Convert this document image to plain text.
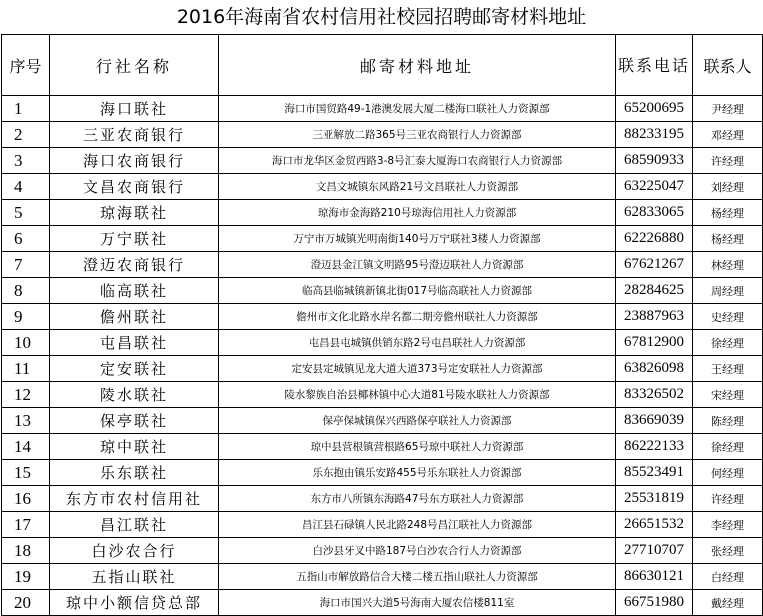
2016年海南省农村信用社校园招聘邮寄材料地址
序号	行社名称	邮寄材料地址	联系电话	联系人
1	海口联社	海口市国贸路49-1港澳发展大厦二楼海口联社人力资源部	65200695	尹经理
2	三亚农商银行	三亚解放二路365号三亚农商银行人力资源部	88233195	邓经理
3	海口农商银行	海口市龙华区金贸西路3-8号汇泰大厦海口农商银行人力资源部	68590933	许经理
4	文昌农商银行	文昌文城镇东风路21号文昌联社人力资源部	63225047	刘经理
5	琼海联社	琼海市金海路210号琼海信用社人力资源部	62833065	杨经理
6	万宁联社	万宁市万城镇光明南街140号万宁联社3楼人力资源部	62226880	杨经理
7	澄迈农商银行	澄迈县金江镇文明路95号澄迈联社人力资源部	67621267	林经理
8	临高联社	临高县临城镇新镇北街017号临高联社人力资源部	28284625	周经理
9	儋州联社	儋州市文化北路水岸名都二期旁儋州联社人力资源部	23887963	史经理
10	屯昌联社	屯昌县屯城镇供销东路2号屯昌联社人力资源部	67812900	徐经理
11	定安联社	定安县定城镇见龙大道大道373号定安联社人力资源部	63826098	王经理
12	陵水联社	陵水黎族自治县椰林镇中心大道81号陵水联社人力资源部	83326502	宋经理
13	保亭联社	保亭保城镇保兴西路保亭联社人力资源部	83669039	陈经理
14	琼中联社	琼中县营根镇营根路65号琼中联社人力资源部	86222133	徐经理
15	乐东联社	乐东抱由镇乐安路455号乐东联社人力资源部	85523491	何经理
16	东方市农村信用社	东方市八所镇东海路47号东方联社人力资源部	25531819	许经理
17	昌江联社	昌江县石碌镇人民北路248号昌江联社人力资源部	26651532	李经理
18	白沙农合行	白沙县牙叉中路187号白沙农合行人力资源部	27710707	张经理
19	五指山联社	五指山市解放路信合大楼二楼五指山联社人力资源部	86630121	白经理
20	琼中小额信贷总部	海口市国兴大道5号海南大厦农信楼811室	66751980	戴经理
